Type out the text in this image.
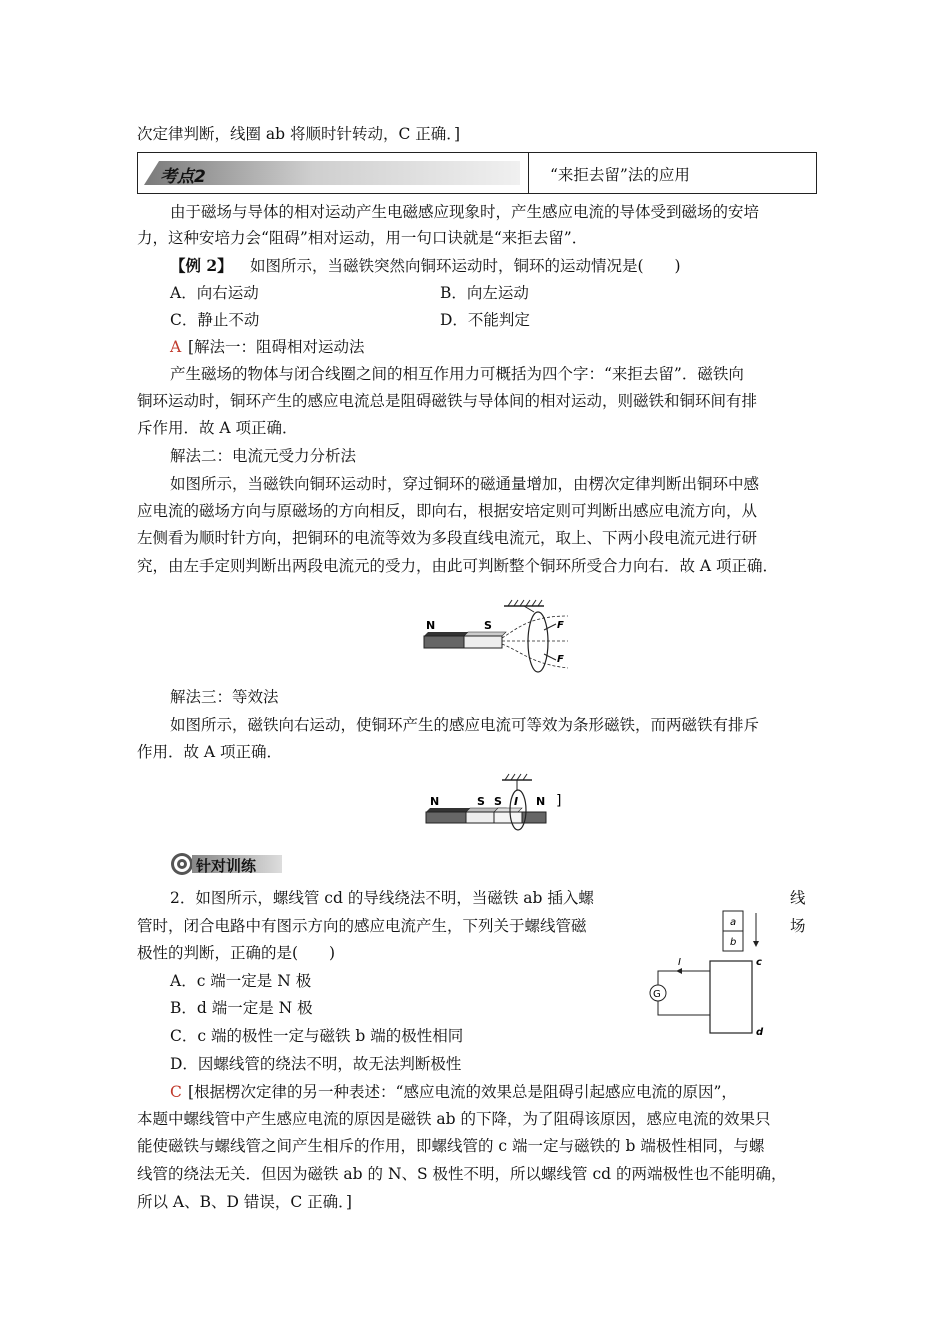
次定律判断，线圈 ab 将顺时针转动，C 正确．]
考点2	“来拒去留”法的应用
由于磁场与导体的相对运动产生电磁感应现象时，产生感应电流的导体受到磁场的安培
力，这种安培力会“阻碍”相对运动，用一句口诀就是“来拒去留”．
【例 2】 如图所示，当磁铁突然向铜环运动时，铜环的运动情况是(　　)
A．向右运动	B．向左运动
C．静止不动	D．不能判定
A [解法一：阻碍相对运动法
产生磁场的物体与闭合线圈之间的相互作用力可概括为四个字：“来拒去留”．磁铁向
铜环运动时，铜环产生的感应电流总是阻碍磁铁与导体间的相对运动，则磁铁和铜环间有排
斥作用．故 A 项正确．
解法二：电流元受力分析法
如图所示，当磁铁向铜环运动时，穿过铜环的磁通量增加，由楞次定律判断出铜环中感
应电流的磁场方向与原磁场的方向相反，即向右，根据安培定则可判断出感应电流方向，从
左侧看为顺时针方向，把铜环的电流等效为多段直线电流元，取上、下两小段电流元进行研
究，由左手定则判断出两段电流元的受力，由此可判断整个铜环所受合力向右．故 A 项正确．
N	S	F
F
解法三：等效法
如图所示，磁铁向右运动，使铜环产生的感应电流可等效为条形磁铁，而两磁铁有排斥
作用．故 A 项正确．
N	S S I N ]
针对训练
2．如图所示，螺线管 cd 的导线绕法不明，当磁铁 ab 插入螺
管时，闭合电路中有图示方向的感应电流产生，下列关于螺线管磁
极性的判断，正确的是(　　)
线
场
A．c 端一定是 N 极
B．d 端一定是 N 极
C．c 端的极性一定与磁铁 b 端的极性相同
D．因螺线管的绕法不明，故无法判断极性
a
b
c
d
I
G
C [根据楞次定律的另一种表述：“感应电流的效果总是阻碍引起感应电流的原因”，
本题中螺线管中产生感应电流的原因是磁铁 ab 的下降，为了阻碍该原因，感应电流的效果只
能使磁铁与螺线管之间产生相斥的作用，即螺线管的 c 端一定与磁铁的 b 端极性相同，与螺
线管的绕法无关．但因为磁铁 ab 的 N、S 极性不明，所以螺线管 cd 的两端极性也不能明确，
所以 A、B、D 错误，C 正确．]
